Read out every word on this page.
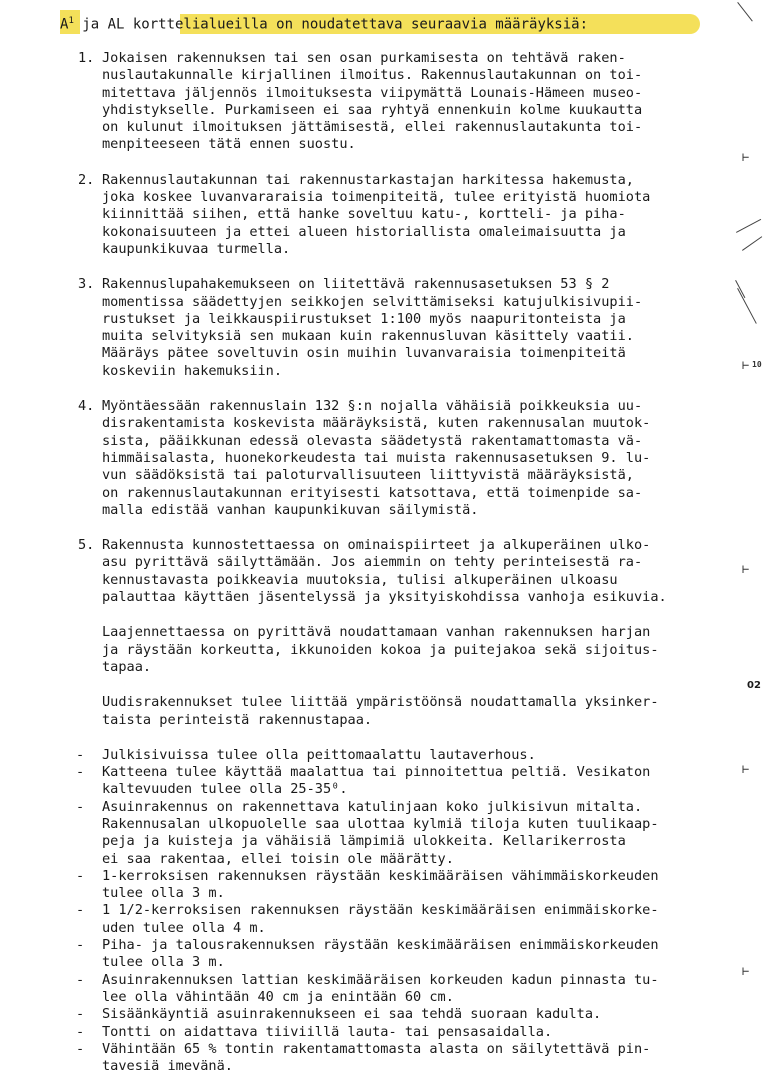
$A^1$ ja AL korttelialueilla on noudatettava seuraavia määräyksiä:
1. Jokaisen rakennuksen tai sen osan purkamisesta on tehtävä raken-
nuslautakunnalle kirjallinen ilmoitus. Rakennuslautakunnan on toi-
mitettava jäljennös ilmoituksesta viipymättä Lounais-Hämeen museo-
yhdistykselle. Purkamiseen ei saa ryhtyä ennenkuin kolme kuukautta
on kulunut ilmoituksen jättämisestä, ellei rakennuslautakunta toi-
menpiteeseen tätä ennen suostu.
2. Rakennuslautakunnan tai rakennustarkastajan harkitessa hakemusta,
joka koskee luvanvararaisia toimenpiteitä, tulee erityistä huomiota
kiinnittää siihen, että hanke soveltuu katu-, kortteli- ja piha-
kokonaisuuteen ja ettei alueen historiallista omaleimaisuutta ja
kaupunkikuvaa turmella.
3. Rakennuslupahakemukseen on liitettävä rakennusasetuksen 53 § 2
momentissa säädettyjen seikkojen selvittämiseksi katujulkisivupii-
rustukset ja leikkauspiirustukset 1:100 myös naapuritonteista ja
muita selvityksiä sen mukaan kuin rakennusluvan käsittely vaatii.
Määräys pätee soveltuvin osin muihin luvanvaraisia toimenpiteitä
koskeviin hakemuksiin.
4. Myöntäessään rakennuslain 132 §:n nojalla vähäisiä poikkeuksia uu-
disrakentamista koskevista määräyksistä, kuten rakennusalan muutok-
sista, pääikkunan edessä olevasta säädetystä rakentamattomasta vä-
himmäisalasta, huonekorkeudesta tai muista rakennusasetuksen 9. lu-
vun säädöksistä tai paloturvallisuuteen liittyvistä määräyksistä,
on rakennuslautakunnan erityisesti katsottava, että toimenpide sa-
malla edistää vanhan kaupunkikuvan säilymistä.
5. Rakennusta kunnostettaessa on ominaispiirteet ja alkuperäinen ulko-
asu pyrittävä säilyttämään. Jos aiemmin on tehty perinteisestä ra-
kennustavasta poikkeavia muutoksia, tulisi alkuperäinen ulkoasu
palauttaa käyttäen jäsentelyssä ja yksityiskohdissa vanhoja esikuvia.
Laajennettaessa on pyrittävä noudattamaan vanhan rakennuksen harjan
ja räystään korkeutta, ikkunoiden kokoa ja puitejakoa sekä sijoitus-
tapaa.
Uudisrakennukset tulee liittää ympäristöönsä noudattamalla yksinker-
taista perinteistä rakennustapaa.
- Julkisivuissa tulee olla peittomaalattu lautaverhous.
- Katteena tulee käyttää maalattua tai pinnoitettua peltiä. Vesikaton
kaltevuuden tulee olla 25-35⁰.
- Asuinrakennus on rakennettava katulinjaan koko julkisivun mitalta.
Rakennusalan ulkopuolelle saa ulottaa kylmiä tiloja kuten tuulikaap-
peja ja kuisteja ja vähäisiä lämpimiä ulokkeita. Kellarikerrosta
ei saa rakentaa, ellei toisin ole määrätty.
- 1-kerroksisen rakennuksen räystään keskimääräisen vähimmäiskorkeuden
tulee olla 3 m.
- 1 1/2-kerroksisen rakennuksen räystään keskimääräisen enimmäiskorke-
uden tulee olla 4 m.
- Piha- ja talousrakennuksen räystään keskimääräisen enimmäiskorkeuden
tulee olla 3 m.
- Asuinrakennuksen lattian keskimääräisen korkeuden kadun pinnasta tu-
lee olla vähintään 40 cm ja enintään 60 cm.
- Sisäänkäyntiä asuinrakennukseen ei saa tehdä suoraan kadulta.
- Tontti on aidattava tiiviillä lauta- tai pensasaidalla.
- Vähintään 65 % tontin rakentamattomasta alasta on säilytettävä pin-
tavesiä imevänä.
⊢
⊢ 10
⊢
02
⊢
⊢
